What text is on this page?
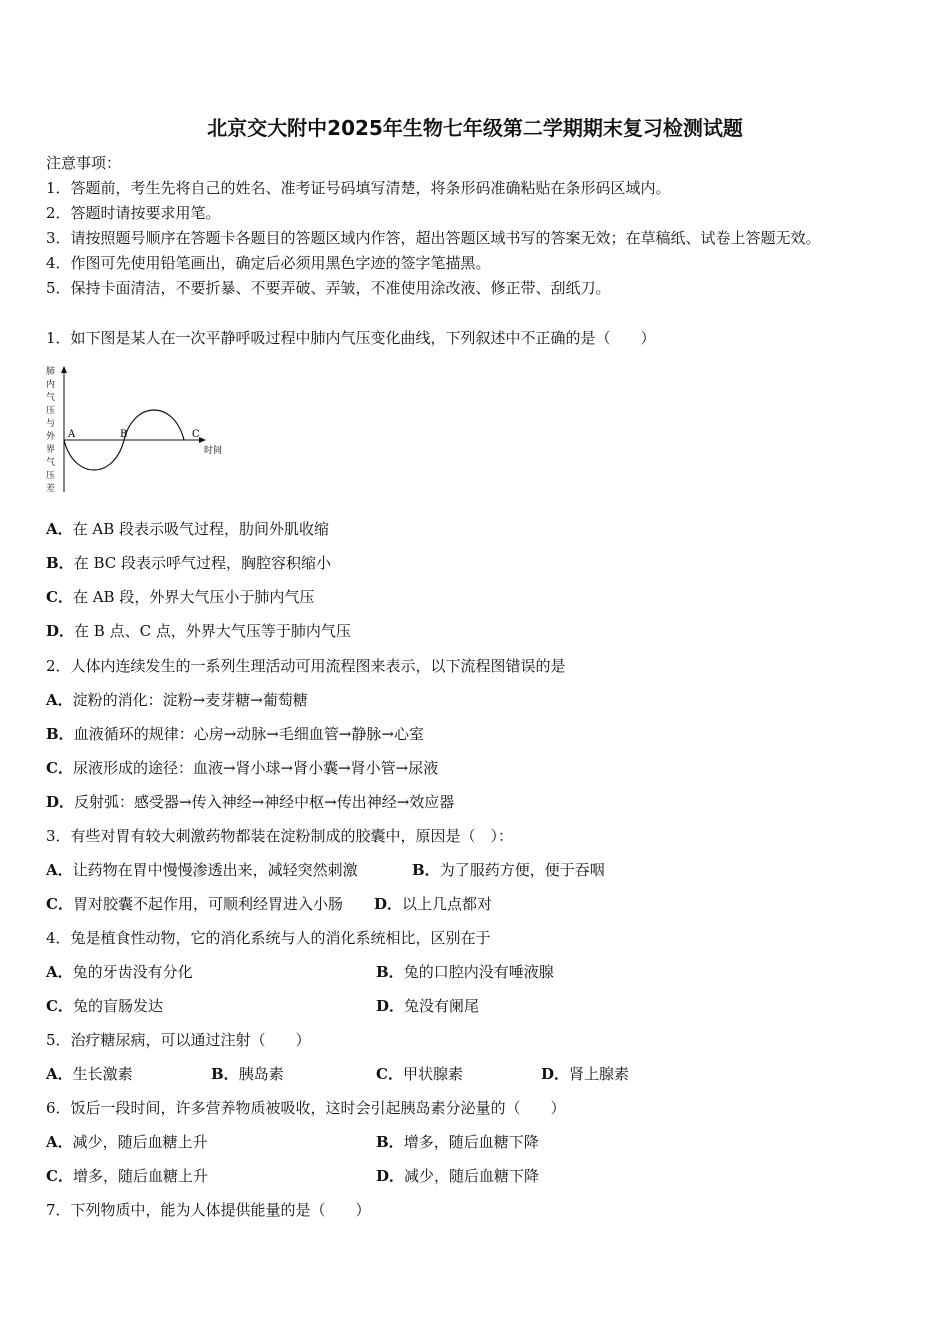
北京交大附中2025年生物七年级第二学期期末复习检测试题
注意事项：
1．答题前，考生先将自己的姓名、准考证号码填写清楚，将条形码准确粘贴在条形码区域内。
2．答题时请按要求用笔。
3．请按照题号顺序在答题卡各题目的答题区域内作答，超出答题区域书写的答案无效；在草稿纸、试卷上答题无效。
4．作图可先使用铅笔画出，确定后必须用黑色字迹的签字笔描黑。
5．保持卡面清洁，不要折暴、不要弄破、弄皱，不准使用涂改液、修正带、刮纸刀。
1．如下图是某人在一次平静呼吸过程中肺内气压变化曲线，下列叙述中不正确的是（　　）
肺
内
气
压
与
外
界
气
压
差
A	B	C
时间
A．在 AB 段表示吸气过程，肋间外肌收缩
B．在 BC 段表示呼气过程，胸腔容积缩小
C．在 AB 段，外界大气压小于肺内气压
D．在 B 点、C 点，外界大气压等于肺内气压
2．人体内连续发生的一系列生理活动可用流程图来表示，以下流程图错误的是
A．淀粉的消化：淀粉→麦芽糖→葡萄糖
B．血液循环的规律：心房→动脉→毛细血管→静脉→心室
C．尿液形成的途径：血液→肾小球→肾小囊→肾小管→尿液
D．反射弧：感受器→传入神经→神经中枢→传出神经→效应器
3．有些对胃有较大刺激药物都装在淀粉制成的胶囊中，原因是（　）：
A．让药物在胃中慢慢渗透出来，减轻突然刺激	B．为了服药方便，便于吞咽
C．胃对胶囊不起作用，可顺利经胃进入小肠 D．以上几点都对
4．兔是植食性动物，它的消化系统与人的消化系统相比，区别在于
A．兔的牙齿没有分化	B．兔的口腔内没有唾液腺
C．兔的盲肠发达	D．兔没有阑尾
5．治疗糖尿病，可以通过注射（　　）
A．生长激素	B．胰岛素	C．甲状腺素	D．肾上腺素
6．饭后一段时间，许多营养物质被吸收，这时会引起胰岛素分泌量的（　　）
A．减少，随后血糖上升	B．增多，随后血糖下降
C．增多，随后血糖上升	D．减少，随后血糖下降
7．下列物质中，能为人体提供能量的是（　　）
